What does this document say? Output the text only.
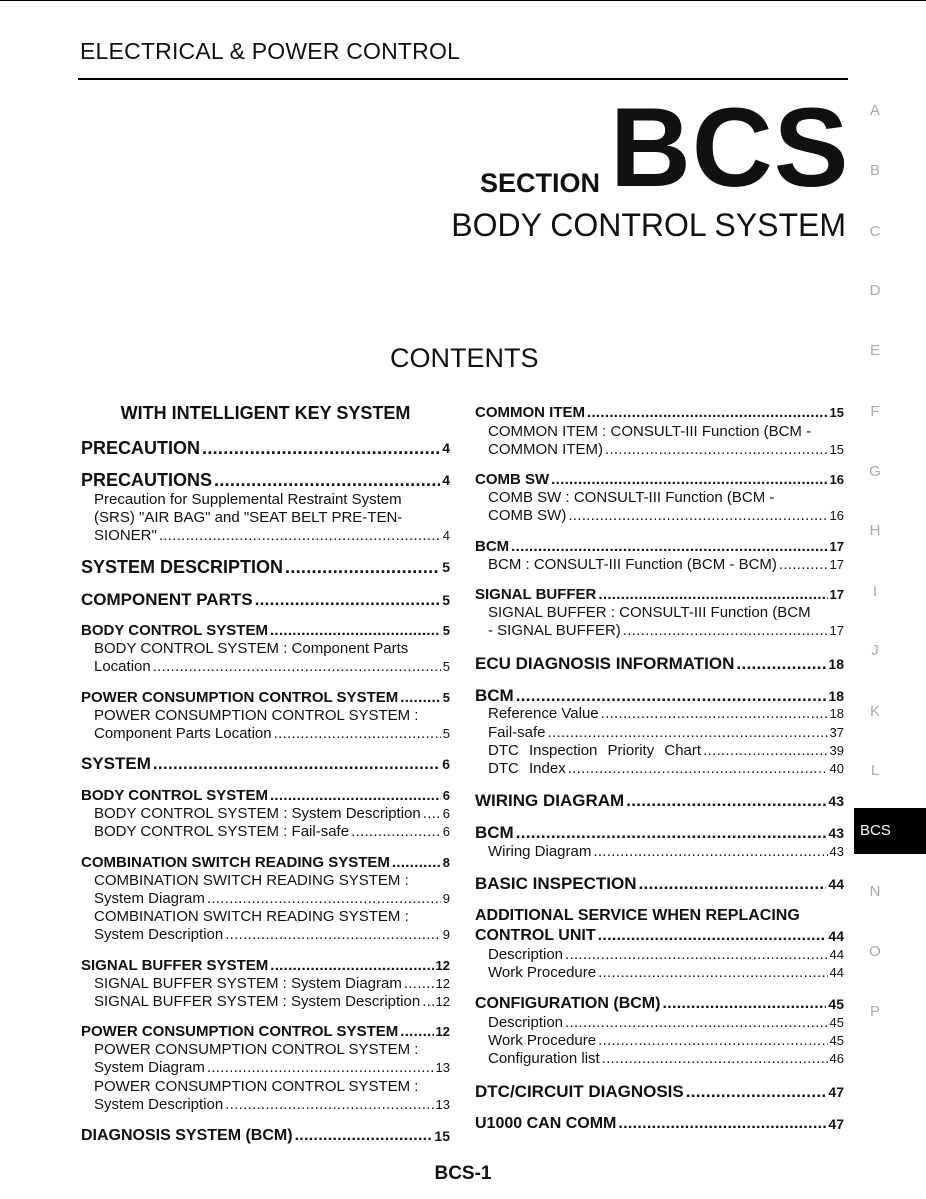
ELECTRICAL & POWER CONTROL
SECTION BCS
BODY CONTROL SYSTEM
CONTENTS
WITH INTELLIGENT KEY SYSTEM
PRECAUTION .....	4
PRECAUTIONS .....	4
Precaution for Supplemental Restraint System
(SRS) "AIR BAG" and "SEAT BELT PRE-TEN-
SIONER" .....	4
SYSTEM DESCRIPTION .....	5
COMPONENT PARTS .....	5
BODY CONTROL SYSTEM .....	5
BODY CONTROL SYSTEM : Component Parts
Location .....	5
POWER CONSUMPTION CONTROL SYSTEM .....	5
POWER CONSUMPTION CONTROL SYSTEM :
Component Parts Location .....	5
SYSTEM .....	6
BODY CONTROL SYSTEM .....	6
BODY CONTROL SYSTEM : System Description ..... 6
BODY CONTROL SYSTEM : Fail-safe .....	6
COMBINATION SWITCH READING SYSTEM .....	8
COMBINATION SWITCH READING SYSTEM :
System Diagram .....	9
COMBINATION SWITCH READING SYSTEM :
System Description .....	9
SIGNAL BUFFER SYSTEM .....	12
SIGNAL BUFFER SYSTEM : System Diagram .....	12
SIGNAL BUFFER SYSTEM : System Description ..... 12
POWER CONSUMPTION CONTROL SYSTEM .....	12
POWER CONSUMPTION CONTROL SYSTEM :
System Diagram .....	13
POWER CONSUMPTION CONTROL SYSTEM :
System Description .....	13
DIAGNOSIS SYSTEM (BCM) .....	15
COMMON ITEM .....	15
COMMON ITEM : CONSULT-III Function (BCM -
COMMON ITEM) .....	15
COMB SW .....	16
COMB SW : CONSULT-III Function (BCM -
COMB SW) .....	16
BCM .....	17
BCM : CONSULT-III Function (BCM - BCM) .....	17
SIGNAL BUFFER .....	17
SIGNAL BUFFER : CONSULT-III Function (BCM
- SIGNAL BUFFER) .....	17
ECU DIAGNOSIS INFORMATION .....	18
BCM .....	18
Reference Value .....	18
Fail-safe .....	37
DTC Inspection Priority Chart .....	39
DTC Index .....	40
WIRING DIAGRAM .....	43
BCM .....	43
Wiring Diagram .....	43
BASIC INSPECTION .....	44
ADDITIONAL SERVICE WHEN REPLACING
CONTROL UNIT .....	44
Description .....	44
Work Procedure .....	44
CONFIGURATION (BCM) .....	45
Description .....	45
Work Procedure .....	45
Configuration list .....	46
DTC/CIRCUIT DIAGNOSIS .....	47
U1000 CAN COMM .....	47
A
B
C
D
E
F
G
H
I
J
K
L
BCS
N
O
P
BCS-1
